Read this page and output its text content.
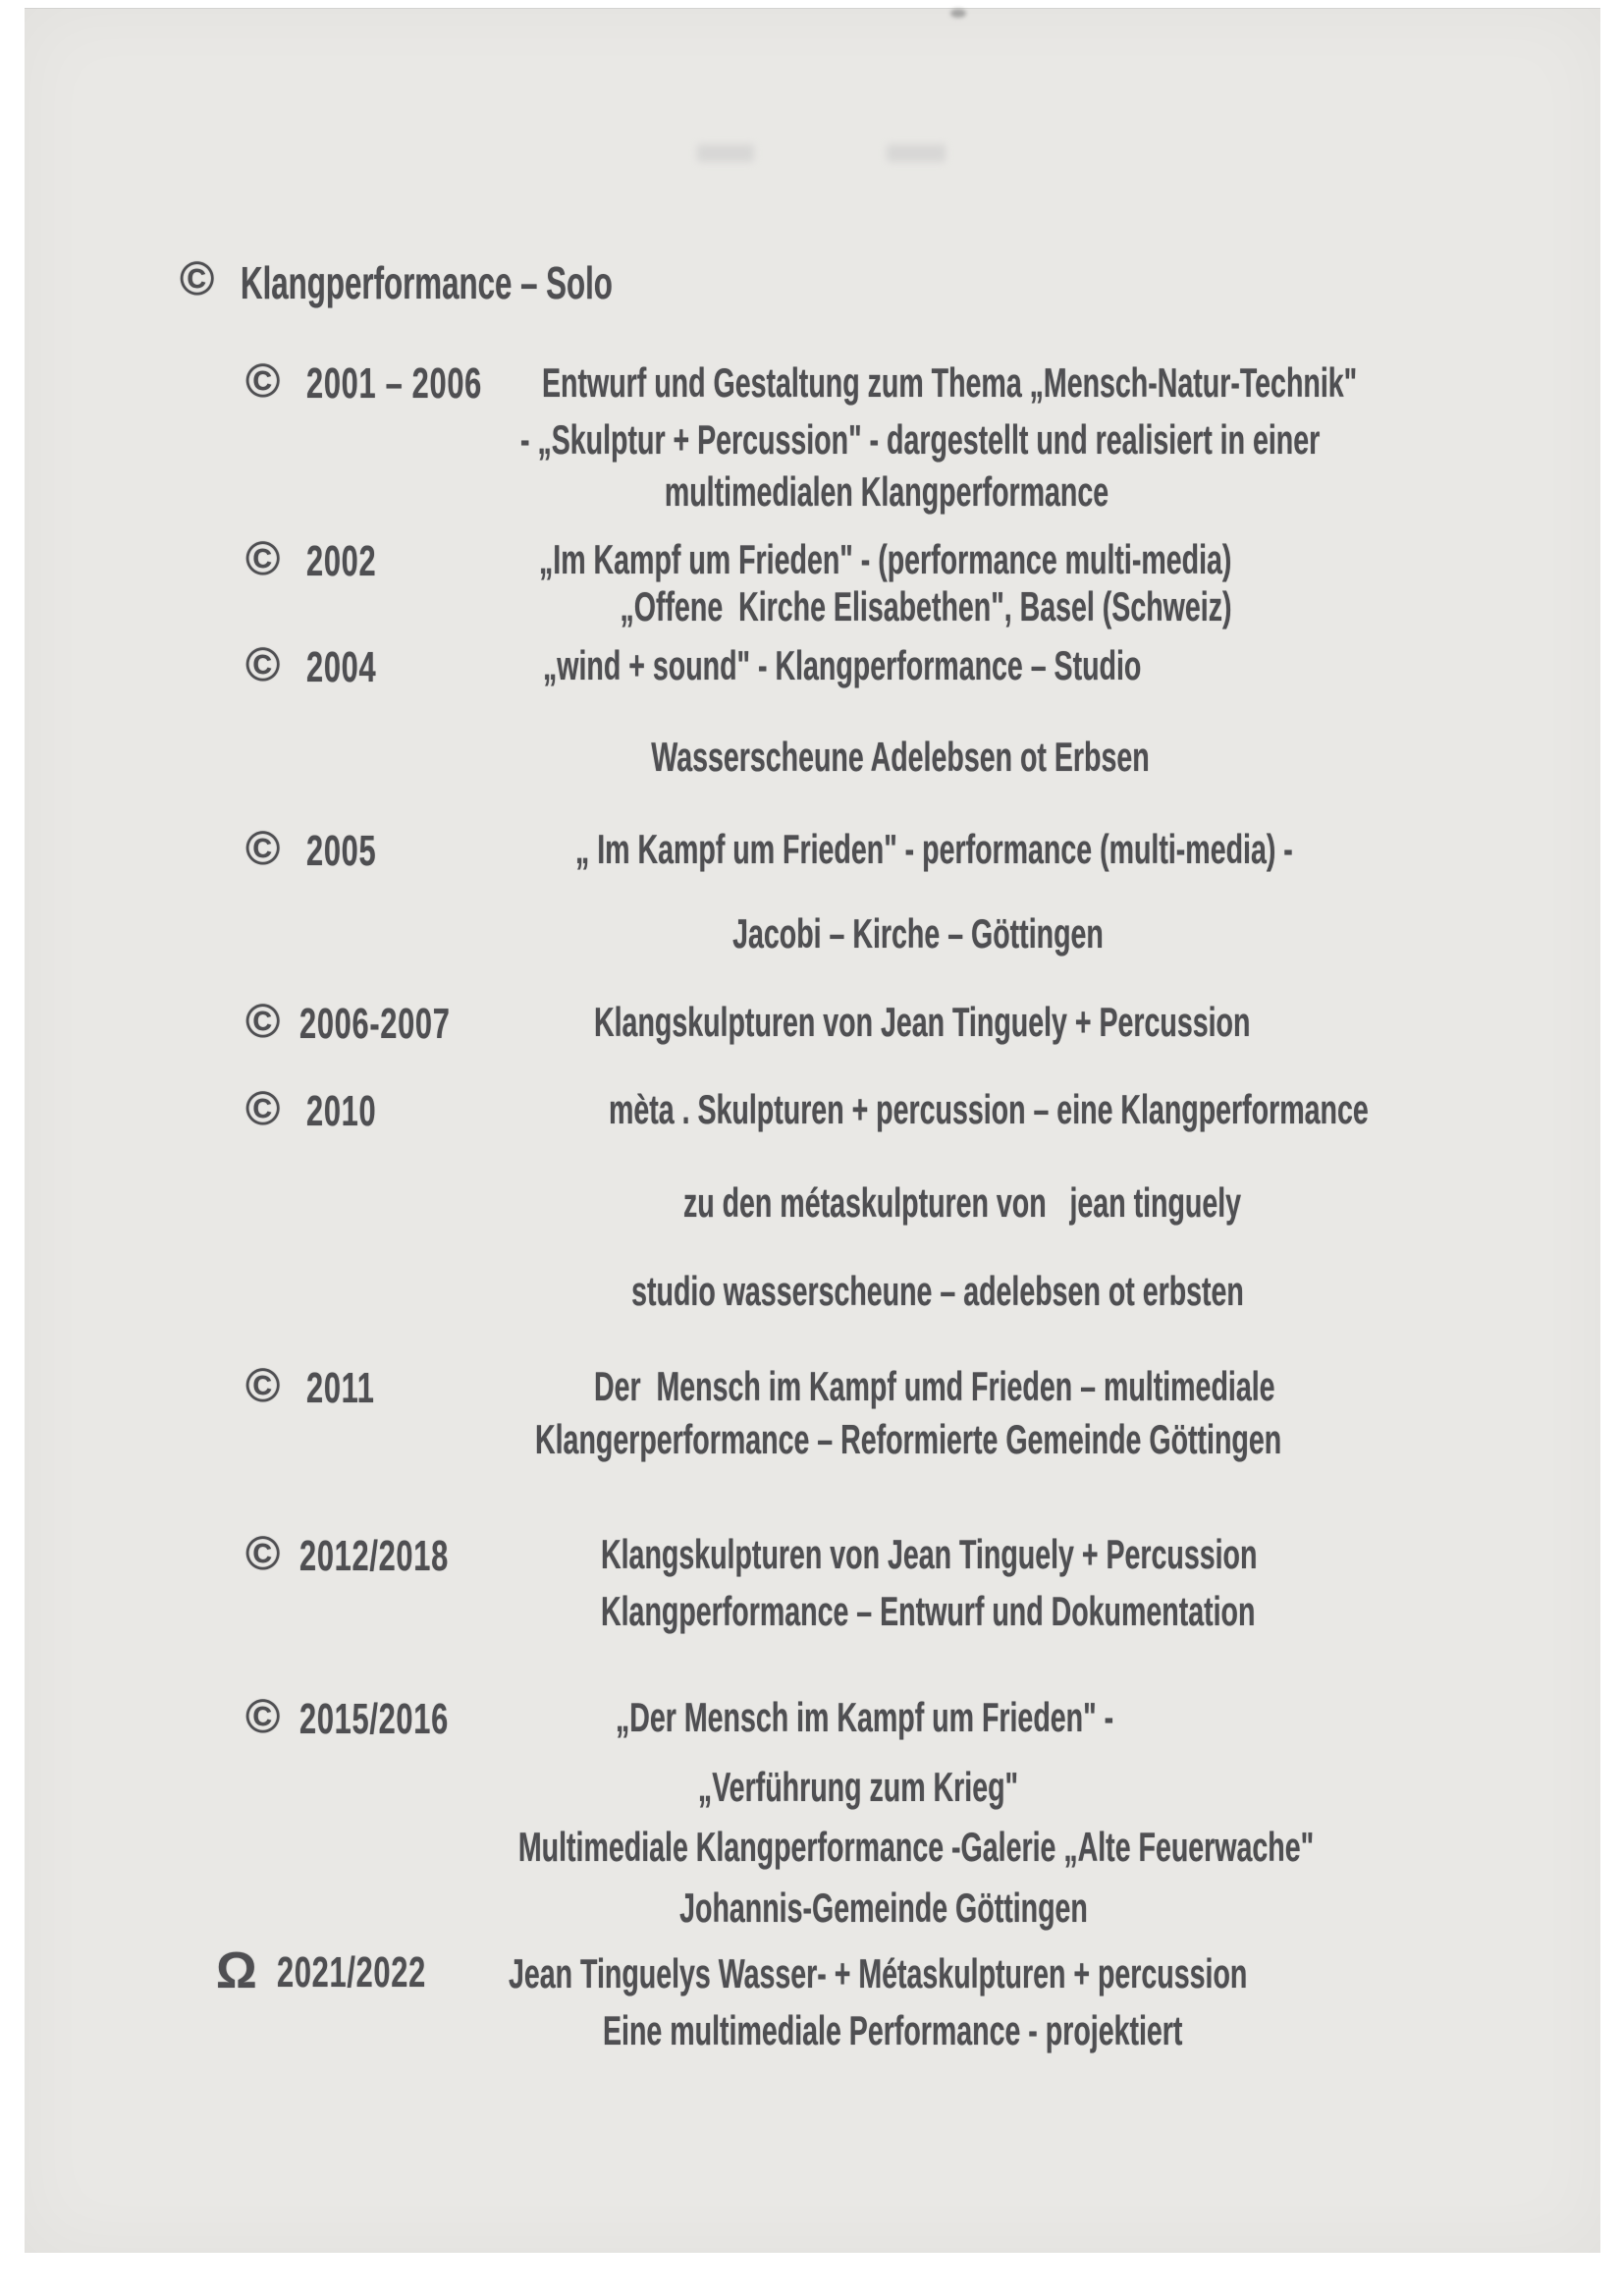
© Klangperformance – Solo
© 2001 – 2006	Entwurf und Gestaltung zum Thema „Mensch-Natur-Technik"
- „Skulptur + Percussion" - dargestellt und realisiert in einer
multimedialen Klangperformance
© 2002	„Im Kampf um Frieden" - (performance multi-media)
„Offene  Kirche Elisabethen", Basel (Schweiz)
© 2004	„wind + sound" - Klangperformance – Studio
Wasserscheune Adelebsen ot Erbsen
© 2005	„ Im Kampf um Frieden" - performance (multi-media) -
Jacobi – Kirche – Göttingen
© 2006-2007	Klangskulpturen von Jean Tinguely + Percussion
© 2010	mèta . Skulpturen + percussion – eine Klangperformance
zu den métaskulpturen von   jean tinguely
studio wasserscheune – adelebsen ot erbsten
© 2011	Der  Mensch im Kampf umd Frieden – multimediale
Klangerperformance – Reformierte Gemeinde Göttingen
© 2012/2018	Klangskulpturen von Jean Tinguely + Percussion
Klangperformance – Entwurf und Dokumentation
© 2015/2016	„Der Mensch im Kampf um Frieden" -
„Verführung zum Krieg"
Multimediale Klangperformance -Galerie „Alte Feuerwache"
Johannis-Gemeinde Göttingen
Ω 2021/2022	Jean Tinguelys Wasser- + Métaskulpturen + percussion
Eine multimediale Performance - projektiert
